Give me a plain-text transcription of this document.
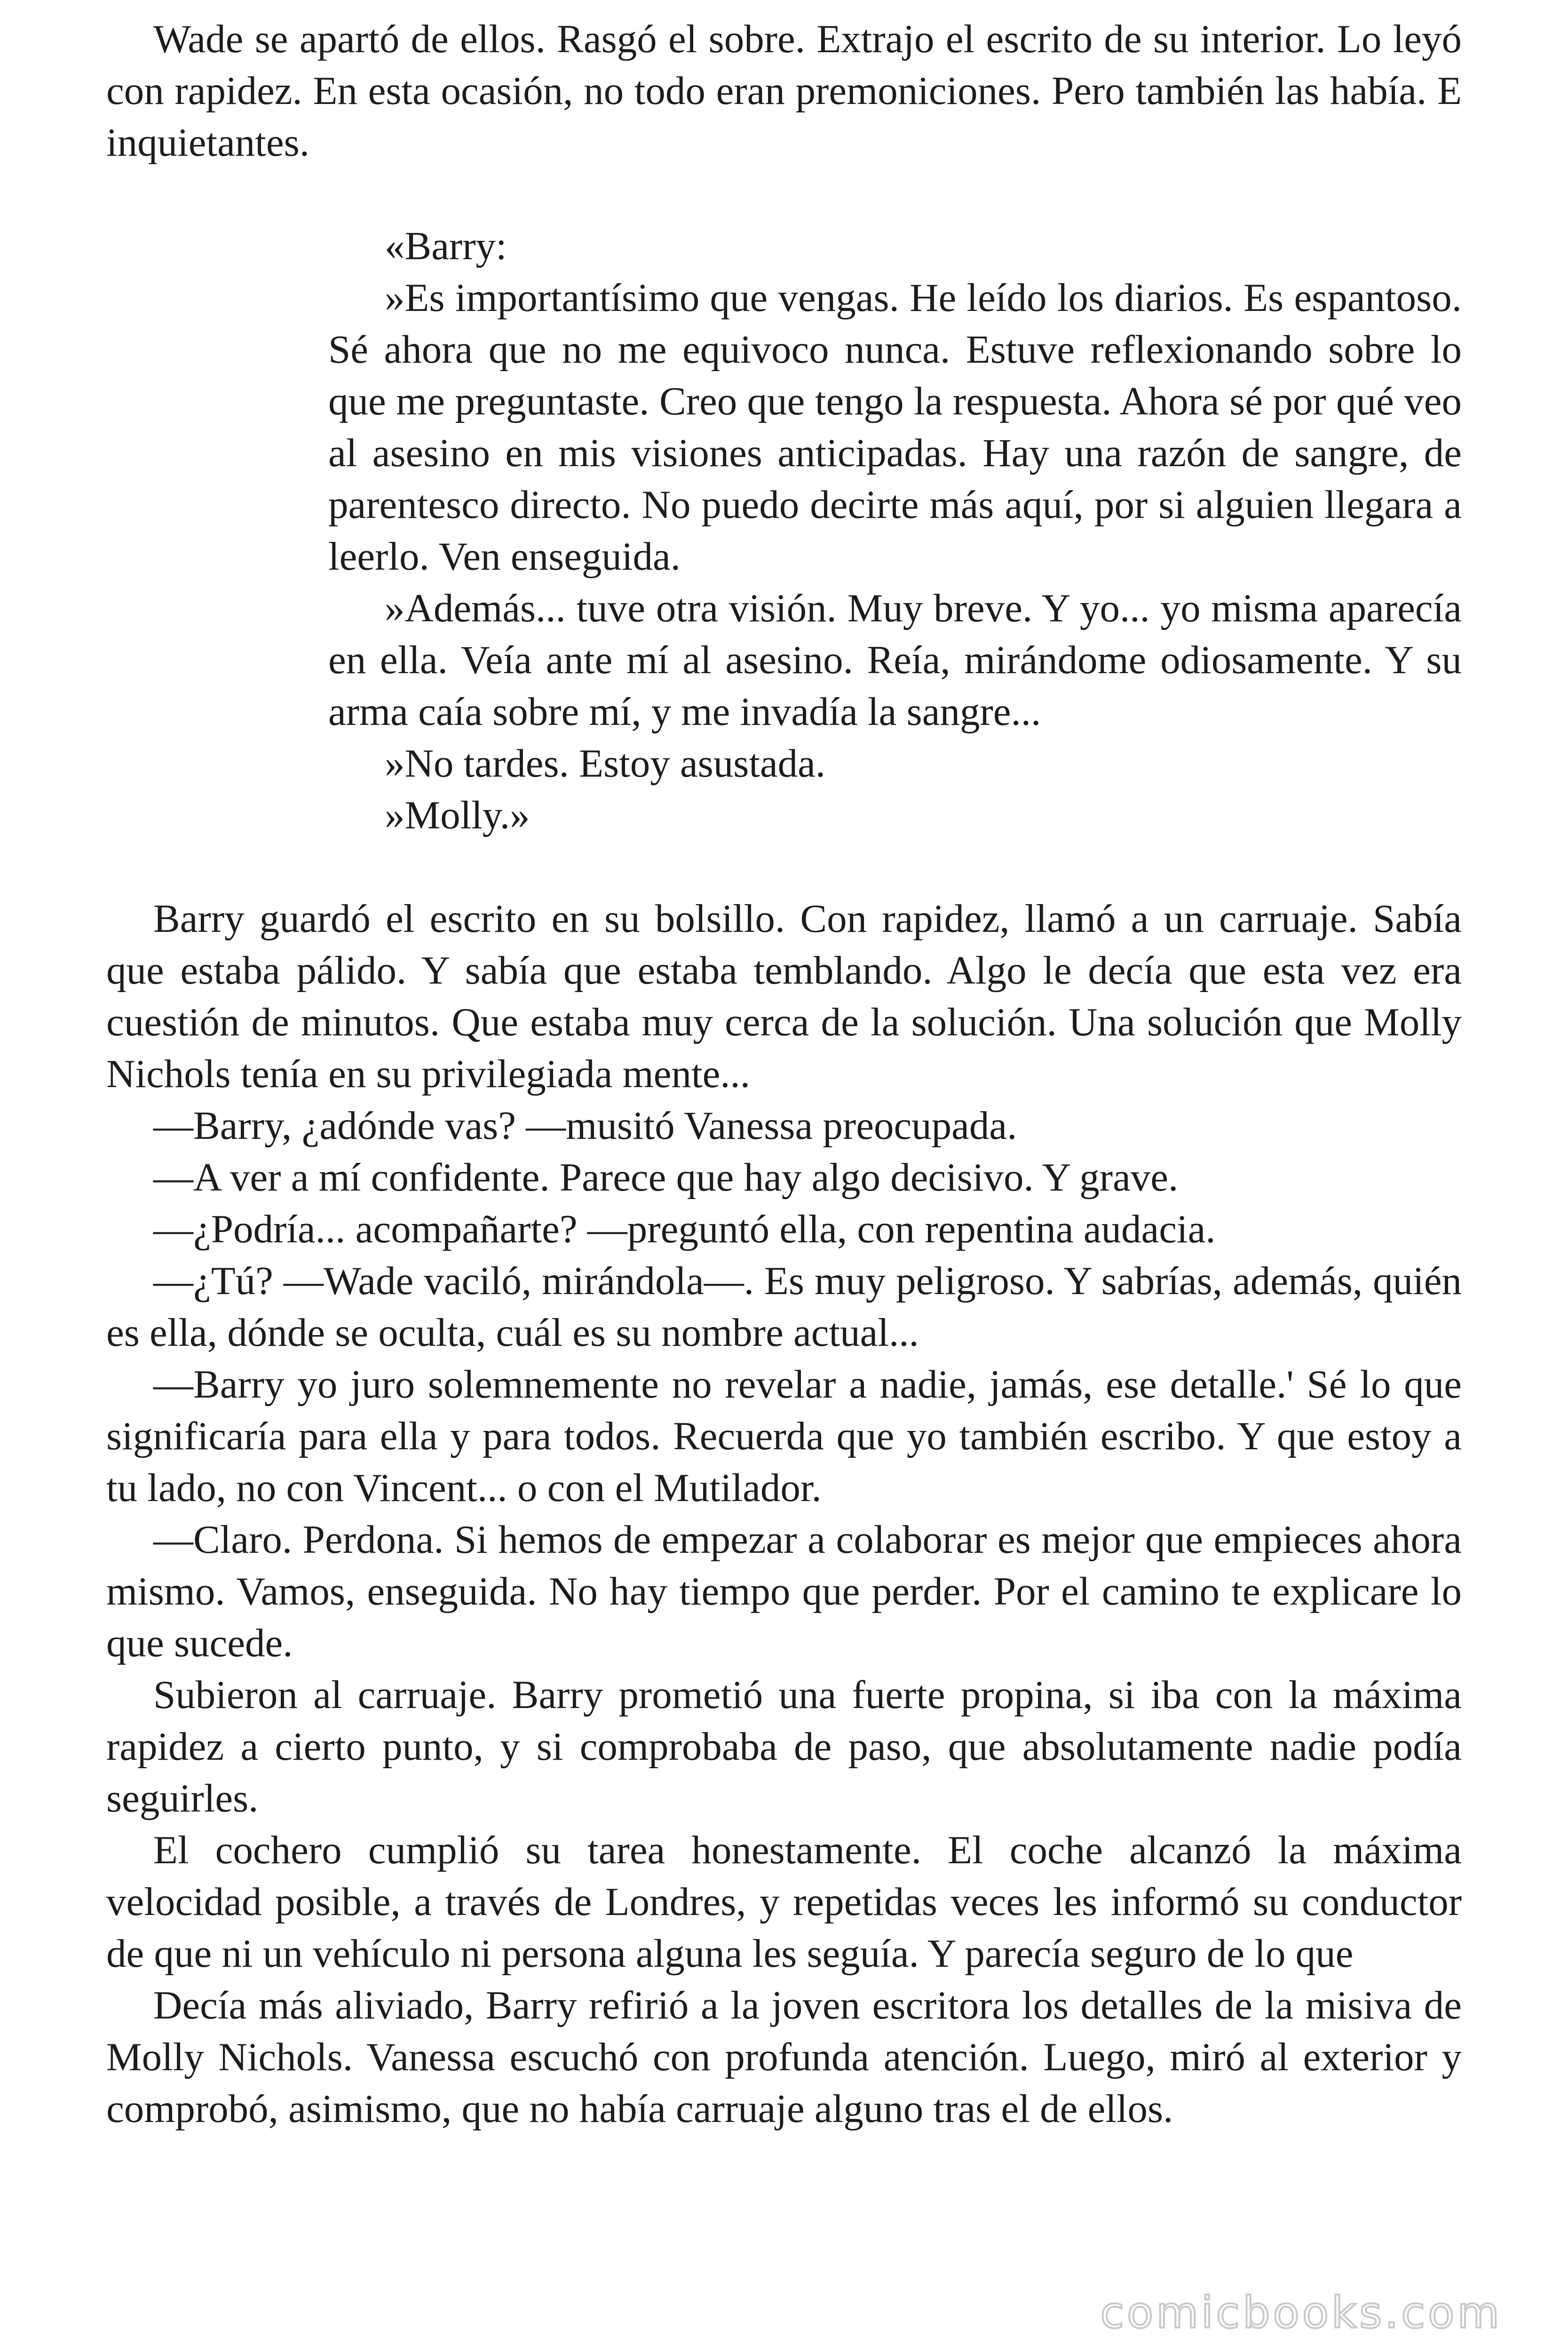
Wade se apartó de ellos. Rasgó el sobre. Extrajo el escrito de su interior. Lo leyó con rapidez. En esta ocasión, no todo eran premoniciones. Pero también las había. E inquietantes.

«Barry:

»Es importantísimo que vengas. He leído los diarios. Es espantoso. Sé ahora que no me equivoco nunca. Estuve reflexionando sobre lo que me preguntaste. Creo que tengo la respuesta. Ahora sé por qué veo al asesino en mis visiones anticipadas. Hay una razón de sangre, de parentesco directo. No puedo decirte más aquí, por si alguien llegara a leerlo. Ven enseguida.

»Además... tuve otra visión. Muy breve. Y yo... yo misma aparecía en ella. Veía ante mí al asesino. Reía, mirándome odiosamente. Y su arma caía sobre mí, y me invadía la sangre...

»No tardes. Estoy asustada.

»Molly.»

Barry guardó el escrito en su bolsillo. Con rapidez, llamó a un carruaje. Sabía que estaba pálido. Y sabía que estaba temblando. Algo le decía que esta vez era cuestión de minutos. Que estaba muy cerca de la solución. Una solución que Molly Nichols tenía en su privilegiada mente...

—Barry, ¿adónde vas? —musitó Vanessa preocupada.

—A ver a mí confidente. Parece que hay algo decisivo. Y grave.

—¿Podría... acompañarte? —preguntó ella, con repentina audacia.

—¿Tú? —Wade vaciló, mirándola—. Es muy peligroso. Y sabrías, además, quién es ella, dónde se oculta, cuál es su nombre actual...

—Barry yo juro solemnemente no revelar a nadie, jamás, ese detalle.' Sé lo que significaría para ella y para todos. Recuerda que yo también escribo. Y que estoy a tu lado, no con Vincent... o con el Mutilador.

—Claro. Perdona. Si hemos de empezar a colaborar es mejor que empieces ahora mismo. Vamos, enseguida. No hay tiempo que perder. Por el camino te explicare lo que sucede.

Subieron al carruaje. Barry prometió una fuerte propina, si iba con la máxima rapidez a cierto punto, y si comprobaba de paso, que absolutamente nadie podía seguirles.

El cochero cumplió su tarea honestamente. El coche alcanzó la máxima velocidad posible, a través de Londres, y repetidas veces les informó su conductor de que ni un vehículo ni persona alguna les seguía. Y parecía seguro de lo que

Decía más aliviado, Barry refirió a la joven escritora los detalles de la misiva de Molly Nichols. Vanessa escuchó con profunda atención. Luego, miró al exterior y comprobó, asimismo, que no había carruaje alguno tras el de ellos.

comicbooks.com
